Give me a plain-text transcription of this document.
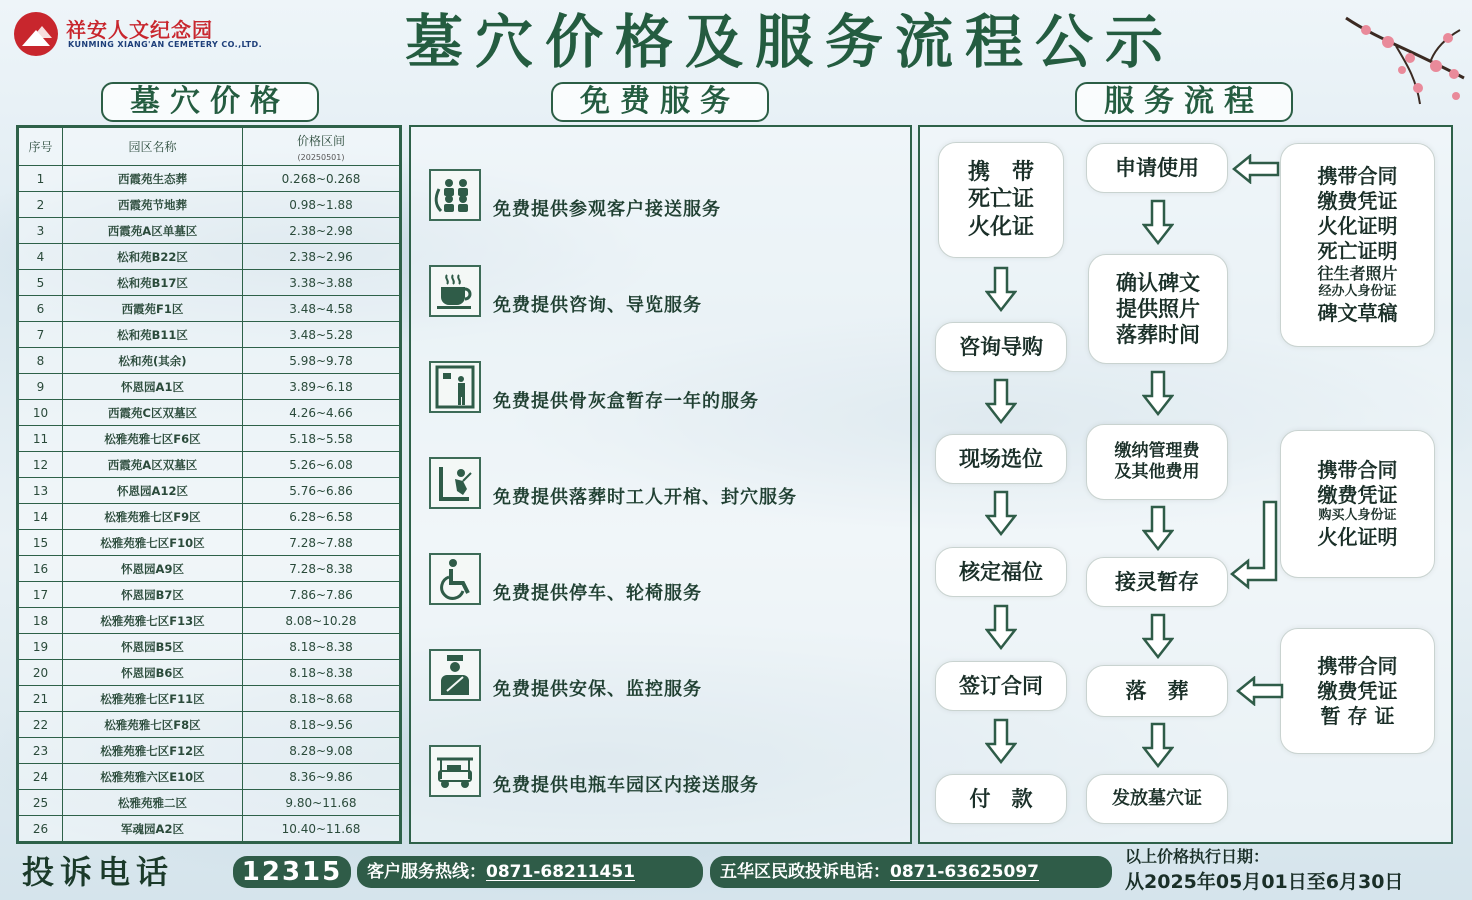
祥安人文纪念园
KUNMING XIANG'AN CEMETERY CO.,LTD.	墓穴价格及服务流程公示
墓穴价格	免费服务	服务流程
序号	园区名称	价格区间
(20250501)

1	西霞苑生态葬	0.268~0.268
2	西霞苑节地葬	0.98~1.88
3	西霞苑A区单墓区	2.38~2.98
4	松和苑B22区	2.38~2.96
5	松和苑B17区	3.38~3.88
6	西霞苑F1区	3.48~4.58
7	松和苑B11区	3.48~5.28
8	松和苑(其余)	5.98~9.78
9	怀恩园A1区	3.89~6.18
10	西霞苑C区双墓区	4.26~4.66
11	松雅苑雅七区F6区	5.18~5.58
12	西霞苑A区双墓区	5.26~6.08
13	怀恩园A12区	5.76~6.86
14	松雅苑雅七区F9区	6.28~6.58
15	松雅苑雅七区F10区	7.28~7.88
16	怀恩园A9区	7.28~8.38
17	怀恩园B7区	7.86~7.86
18	松雅苑雅七区F13区	8.08~10.28
19	怀恩园B5区	8.18~8.38
20	怀恩园B6区	8.18~8.38
21	松雅苑雅七区F11区	8.18~8.68
22	松雅苑雅七区F8区	8.18~9.56
23	松雅苑雅七区F12区	8.28~9.08
24	松雅苑雅六区E10区	8.36~9.86
25	松雅苑雅二区	9.80~11.68
26	军魂园A2区	10.40~11.68
免费提供参观客户接送服务
免费提供咨询、导览服务
免费提供骨灰盒暂存一年的服务
免费提供落葬时工人开棺、封穴服务
免费提供停车、轮椅服务
免费提供安保、监控服务
免费提供电瓶车园区内接送服务
携　带
死亡证
火化证
咨询导购
现场选位
核定福位
签订合同
付　款
申请使用
确认碑文
提供照片
落葬时间
缴纳管理费
及其他费用
接灵暂存
落　葬
发放墓穴证
携带合同
缴费凭证
火化证明
死亡证明
往生者照片
经办人身份证
碑文草稿
携带合同
缴费凭证
购买人身份证
火化证明
携带合同
缴费凭证
暂 存 证
投诉电话	12315	客户服务热线：0871-68211451	五华区民政投诉电话：0871-63625097
以上价格执行日期：
从2025年05月01日至6月30日
